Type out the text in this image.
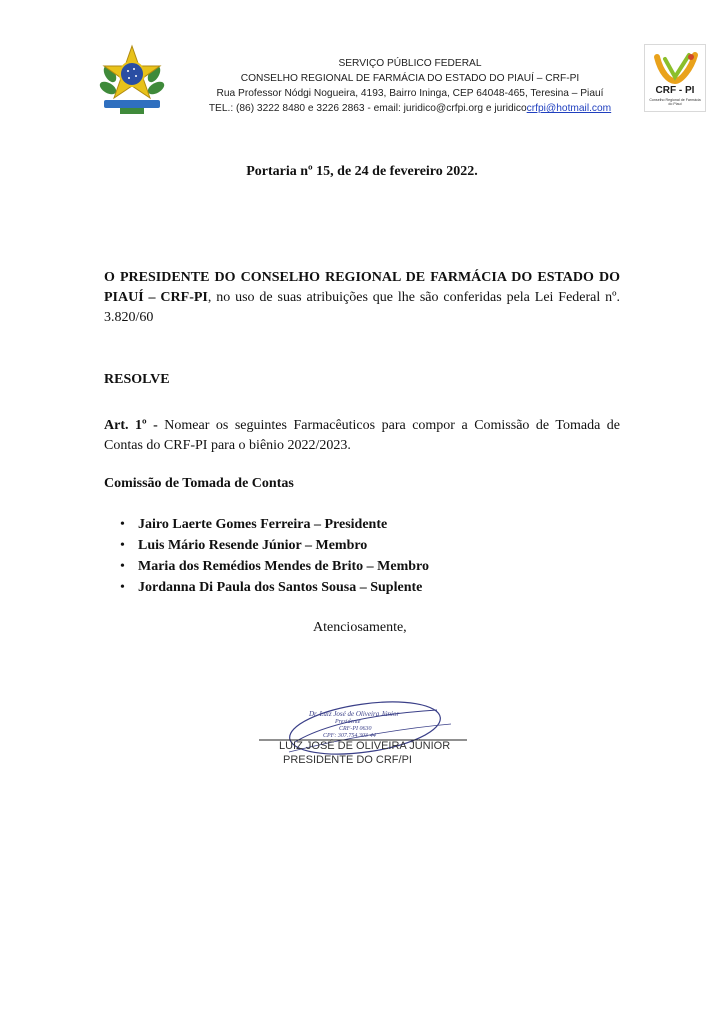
SERVIÇO PÚBLICO FEDERAL
CONSELHO REGIONAL DE FARMÁCIA DO ESTADO DO PIAUÍ – CRF-PI
Rua Professor Nódgi Nogueira, 4193, Bairro Ininga, CEP 64048-465, Teresina – Piauí
TEL.: (86) 3222 8480 e 3226 2863 - email: juridico@crfpi.org e juridicocrfpi@hotmail.com
CRF - PI
Conselho Regional de Farmácia do Piauí
Portaria nº 15, de 24 de fevereiro 2022.
O PRESIDENTE DO CONSELHO REGIONAL DE FARMÁCIA DO ESTADO DO PIAUÍ – CRF-PI, no uso de suas atribuições que lhe são conferidas pela Lei Federal nº. 3.820/60
RESOLVE
Art. 1º - Nomear os seguintes Farmacêuticos para compor a Comissão de Tomada de Contas do CRF-PI para o biênio 2022/2023.
Comissão de Tomada de Contas
• Jairo Laerte Gomes Ferreira – Presidente
• Luis Mário Resende Júnior – Membro
• Maria dos Remédios Mendes de Brito – Membro
• Jordanna Di Paula dos Santos Sousa – Suplente
Atenciosamente,
Dr. Luiz José de Oliveira Júnior
Presidente
CRF-PI 0630
CPF: 307.754.303-44
LUIZ JOSÉ DE OLIVEIRA JÚNIOR
PRESIDENTE DO CRF/PI
